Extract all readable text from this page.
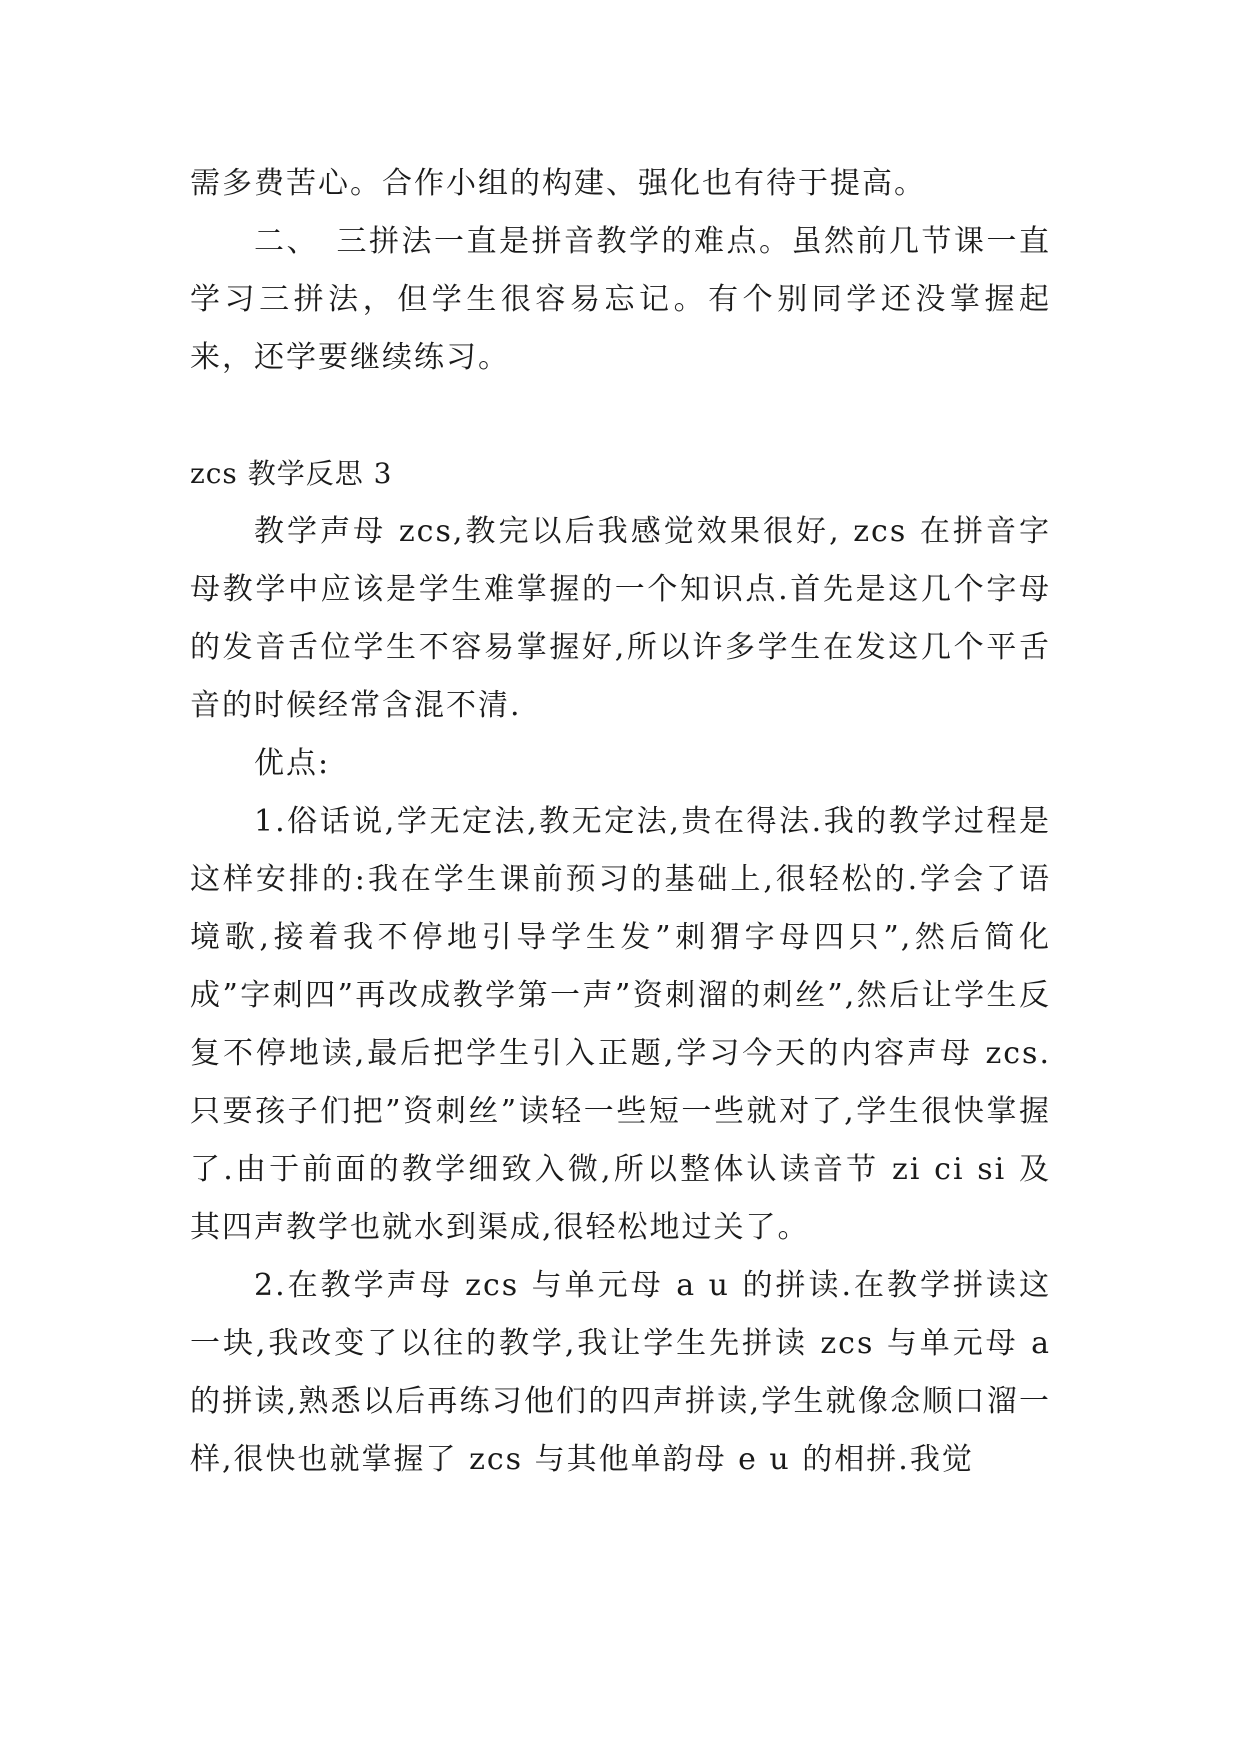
需多费苦心。合作小组的构建、强化也有待于提高。

二、　三拼法一直是拼音教学的难点。虽然前几节课一直学习三拼法，但学生很容易忘记。有个别同学还没掌握起来，还学要继续练习。

zcs 教学反思 3

教学声母 zcs,教完以后我感觉效果很好, zcs 在拼音字母教学中应该是学生难掌握的一个知识点.首先是这几个字母的发音舌位学生不容易掌握好,所以许多学生在发这几个平舌音的时候经常含混不清.

优点:

1.俗话说,学无定法,教无定法,贵在得法.我的教学过程是这样安排的:我在学生课前预习的基础上,很轻松的.学会了语境歌,接着我不停地引导学生发”刺猬字母四只”,然后简化成”字刺四”再改成教学第一声”资刺溜的刺丝”,然后让学生反复不停地读,最后把学生引入正题,学习今天的内容声母 zcs.只要孩子们把”资刺丝”读轻一些短一些就对了,学生很快掌握了.由于前面的教学细致入微,所以整体认读音节 zi ci si 及其四声教学也就水到渠成,很轻松地过关了。

2.在教学声母 zcs 与单元母 a u 的拼读.在教学拼读这一块,我改变了以往的教学,我让学生先拼读 zcs 与单元母 a 的拼读,熟悉以后再练习他们的四声拼读,学生就像念顺口溜一样,很快也就掌握了 zcs 与其他单韵母 e u 的相拼.我觉
